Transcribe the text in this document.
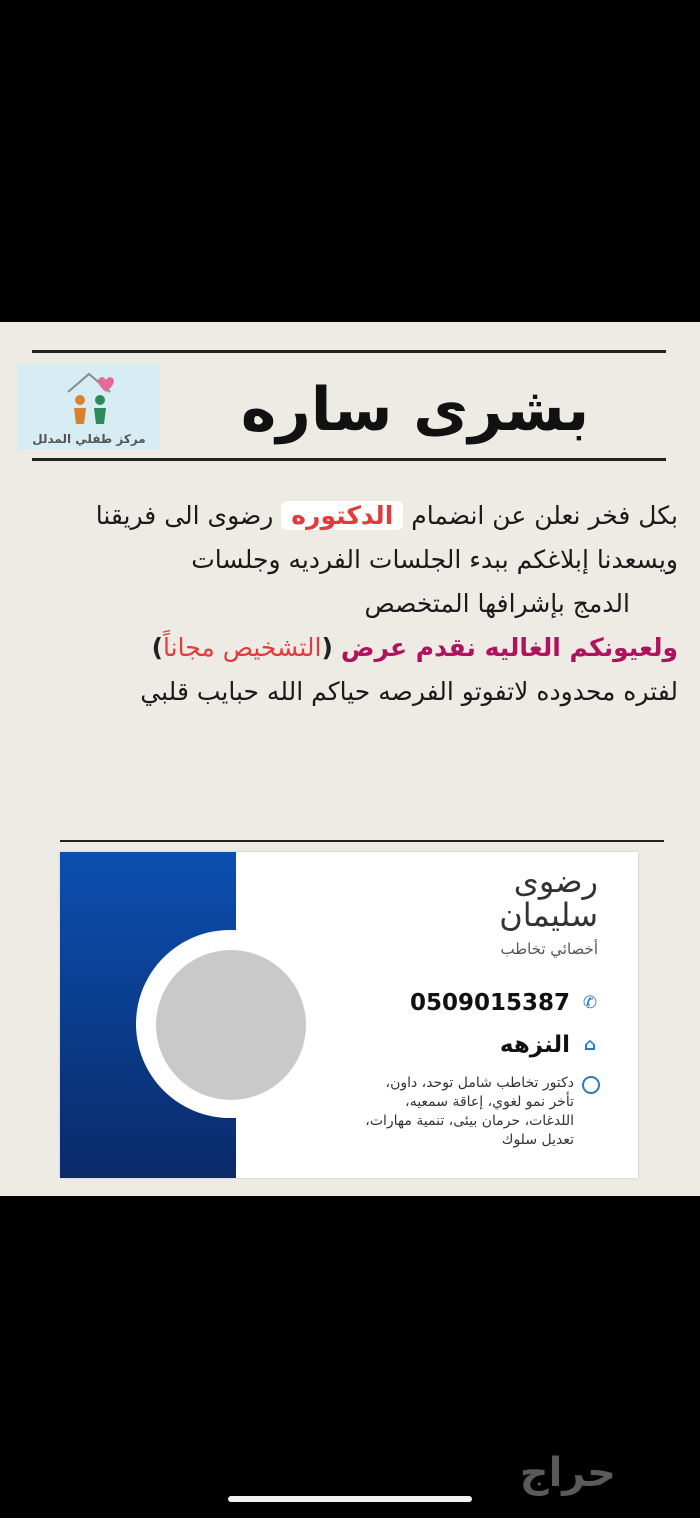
مركز طفلي المدلل	بشرى ساره
بكل فخر نعلن عن انضمام الدكتوره رضوى الى فريقنا
ويسعدنا إبلاغكم ببدء الجلسات الفرديه وجلسات
الدمج بإشرافها المتخصص
ولعيونكم الغاليه نقدم عرض (التشخيص مجاناً)
لفتره محدوده لاتفوتو الفرصه حياكم الله حبايب قلبي
رضوى
سليمان
أخصائي تخاطب
✆
0509015387
⌂
النزهه
دكتور تخاطب شامل توحد، داون، تأخر نمو لغوي، إعاقة سمعيه، اللدغات، حرمان بيئى، تنمية مهارات، تعديل سلوك
حراج
